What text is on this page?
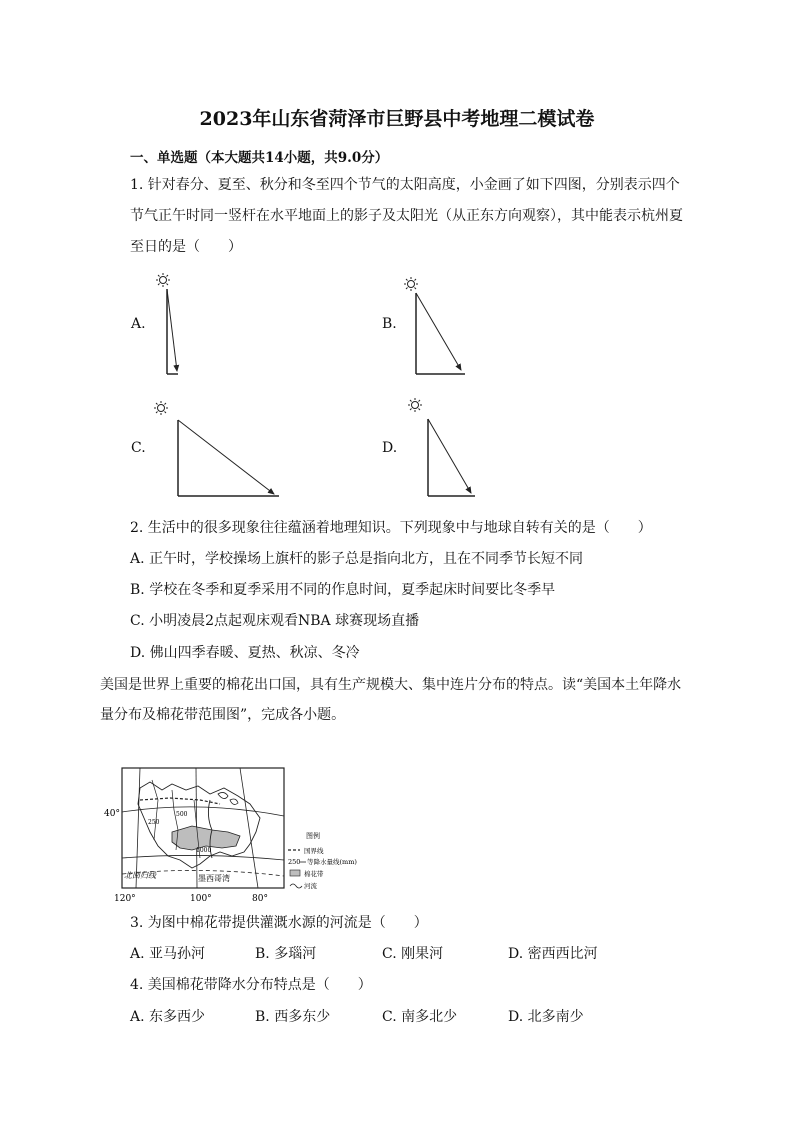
2023年山东省菏泽市巨野县中考地理二模试卷
一、单选题（本大题共14小题，共9.0分）
1. 针对春分、夏至、秋分和冬至四个节气的太阳高度，小金画了如下四图，分别表示四个
节气正午时同一竖杆在水平地面上的影子及太阳光（从正东方向观察），其中能表示杭州夏
至日的是（　　）
A.	B.
C.	D.
2. 生活中的很多现象往往蕴涵着地理知识。下列现象中与地球自转有关的是（　　）
A. 正午时，学校操场上旗杆的影子总是指向北方，且在不同季节长短不同
B. 学校在冬季和夏季采用不同的作息时间，夏季起床时间要比冬季早
C. 小明凌晨2点起观床观看NBA 球赛现场直播
D. 佛山四季春暖、夏热、秋凉、冬冷
美国是世界上重要的棉花出口国，具有生产规模大、集中连片分布的特点。读“美国本土年降水
量分布及棉花带范围图”，完成各小题。
40°
120°	100°	80°
墨西哥湾
北回归线
250
500
1000
图例
国界线
250 等降水量线(mm)
棉花带
河流
3. 为图中棉花带提供灌溉水源的河流是（　　）
A. 亚马孙河	B. 多瑙河	C. 刚果河	D. 密西西比河
4. 美国棉花带降水分布特点是（　　）
A. 东多西少	B. 西多东少	C. 南多北少	D. 北多南少
